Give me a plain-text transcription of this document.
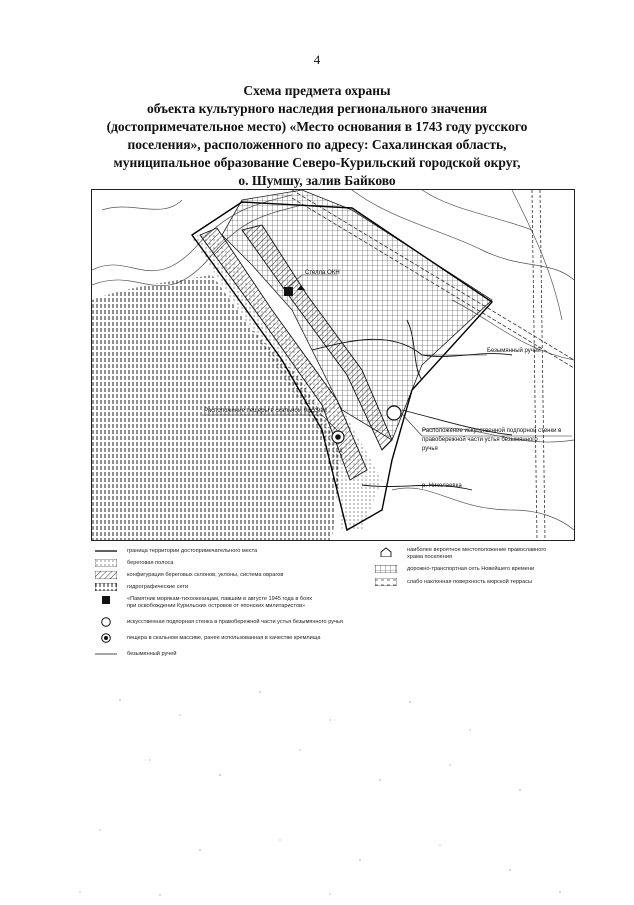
4
Схема предмета охраны
объекта культурного наследия регионального значения
(достопримечательное место) «Место основания в 1743 году русского
поселения», расположенного по адресу: Сахалинская область,
муниципальное образование Северо-Курильский городской округ,
о. Шумшу, залив Байково
Стелла ОКН
Безымянный ручей
Расположение пещеры в скальном массиве
Расположение искусственной подпорной стенки в
правобережной части устья безымянного
ручья
р. Николаевка
граница территории достопримечательного места
береговая полоса
конфигурация береговых склонов, уклоны, система оврагов
гидрографические сети
«Памятник морякам-тихоокеанцам, павшим в августе 1945 года в боях
при освобождении Курильских островов от японских милитаристов»
искусственная подпорная стенка в правобережной части устья безымянного ручья
пещера в скальном массиве, ранее использованная в качестве кремлища
безымянный ручей
наиболее вероятное местоположение православного
храма поселения
дорожно-транспортная сеть Новейшего времени
слабо наклонная поверхность морской террасы
